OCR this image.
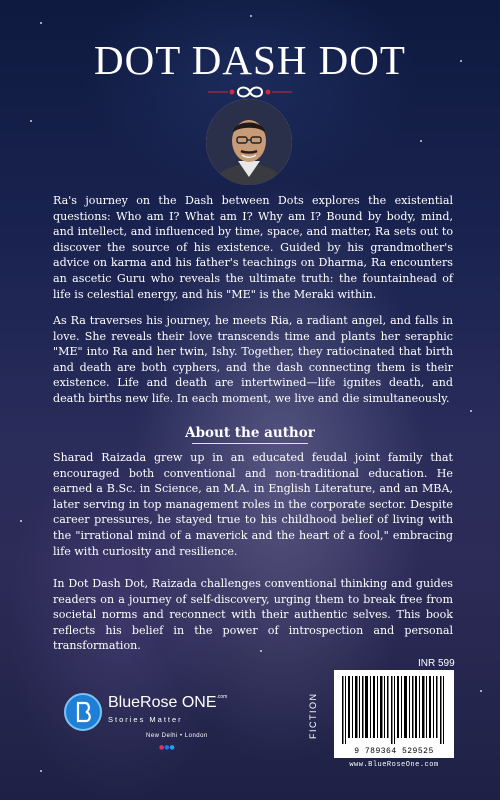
DOT DASH DOT
Ra's journey on the Dash between Dots explores the existential questions: Who am I? What am I? Why am I? Bound by body, mind, and intellect, and influenced by time, space, and matter, Ra sets out to discover the source of his existence. Guided by his grandmother's advice on karma and his father's teachings on Dharma, Ra encounters an ascetic Guru who reveals the ultimate truth: the fountainhead of life is celestial energy, and his "ME" is the Meraki within.
As Ra traverses his journey, he meets Ria, a radiant angel, and falls in love. She reveals their love transcends time and plants her seraphic "ME" into Ra and her twin, Ishy. Together, they ratiocinated that birth and death are both cyphers, and the dash connecting them is their existence. Life and death are intertwined—life ignites death, and death births new life. In each moment, we live and die simultaneously.
About the author
Sharad Raizada grew up in an educated feudal joint family that encouraged both conventional and non-traditional education. He earned a B.Sc. in Science, an M.A. in English Literature, and an MBA, later serving in top management roles in the corporate sector. Despite career pressures, he stayed true to his childhood belief of living with the "irrational mind of a maverick and the heart of a fool," embracing life with curiosity and resilience.
In Dot Dash Dot, Raizada challenges conventional thinking and guides readers on a journey of self-discovery, urging them to break free from societal norms and reconnect with their authentic selves. This book reflects his belief in the power of introspection and personal transformation.
INR 599
FICTION
9 789364 529525
www.BlueRoseOne.com
BlueRose $ONE^{.com}$
Stories Matter
New Delhi • London
●●●
